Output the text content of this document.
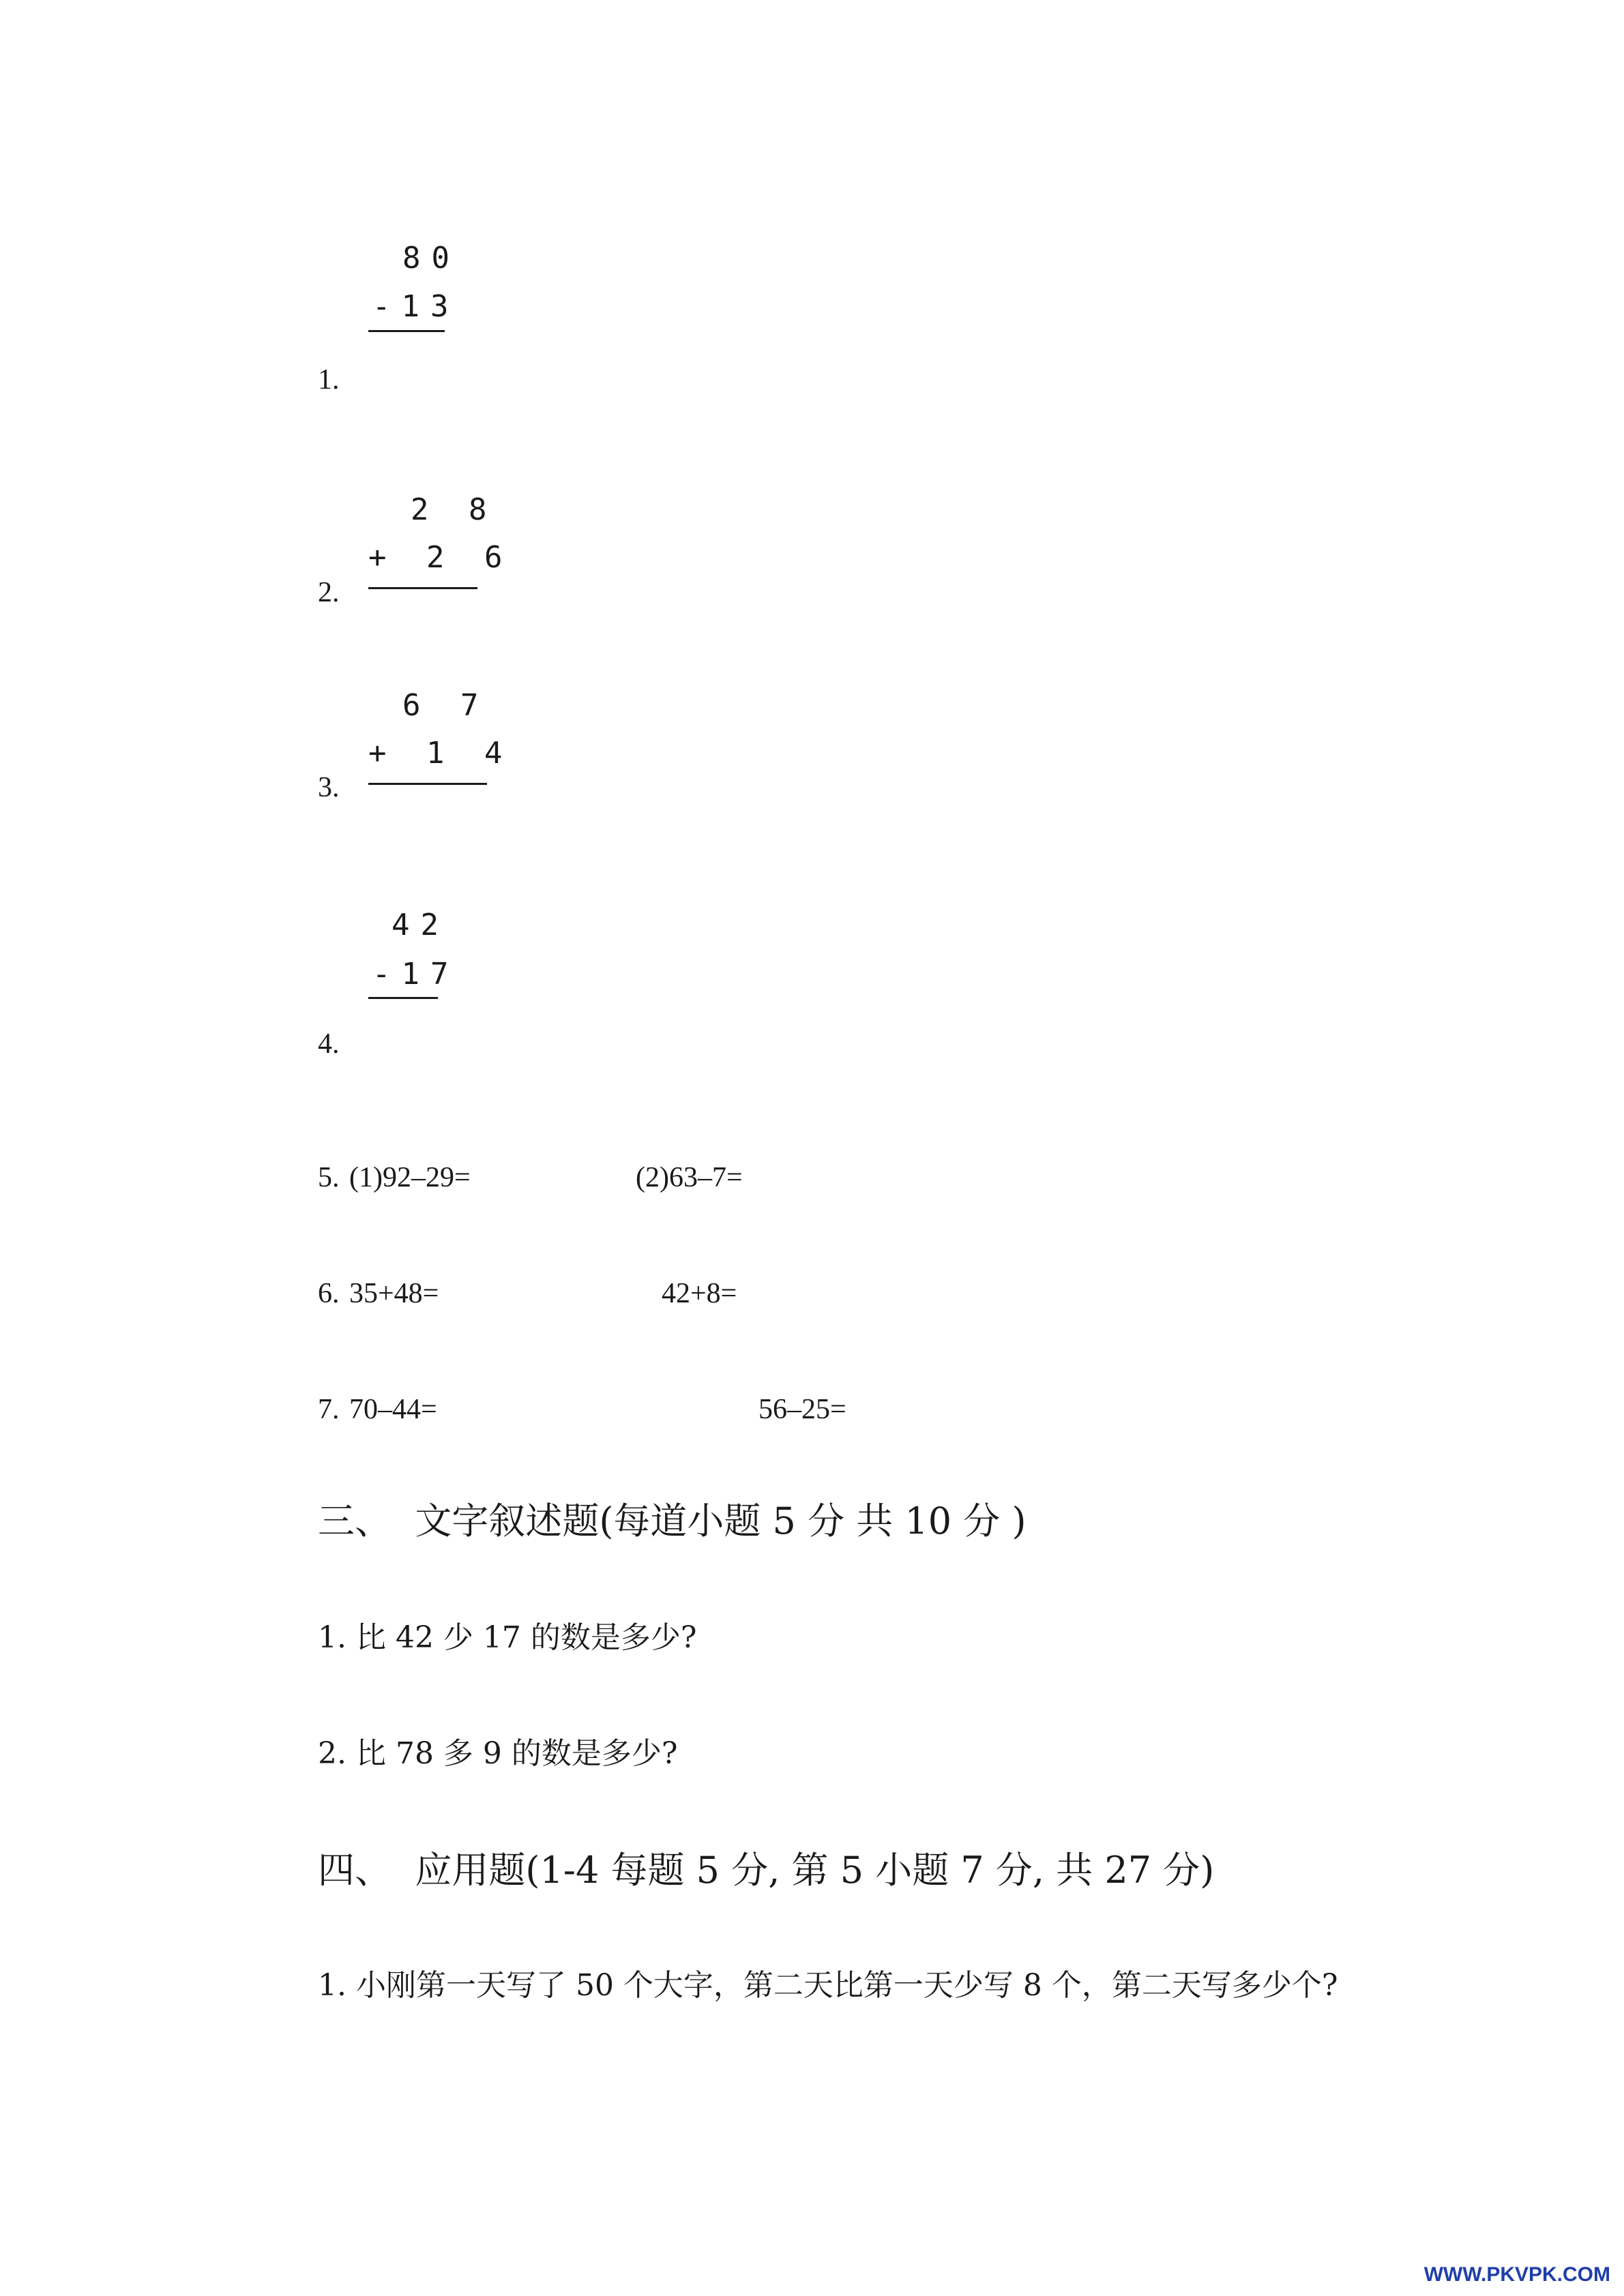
80
-13
1.
2 8
+ 2 6
2.
6 7
+ 1 4
3.
42
-17
4.
5. (1)92–29=	(2)63–7=
6. 35+48=	42+8=
7. 70–44=	56–25=
三、  文字叙述题(每道小题 5 分 共 10 分 )
1. 比 42 少 17 的数是多少?
2. 比 78 多 9 的数是多少?
四、  应用题(1-4 每题 5 分, 第 5 小题 7 分, 共 27 分)
1. 小刚第一天写了 50 个大字，第二天比第一天少写 8 个，第二天写多少个?
WWW.PKVPK.COM
